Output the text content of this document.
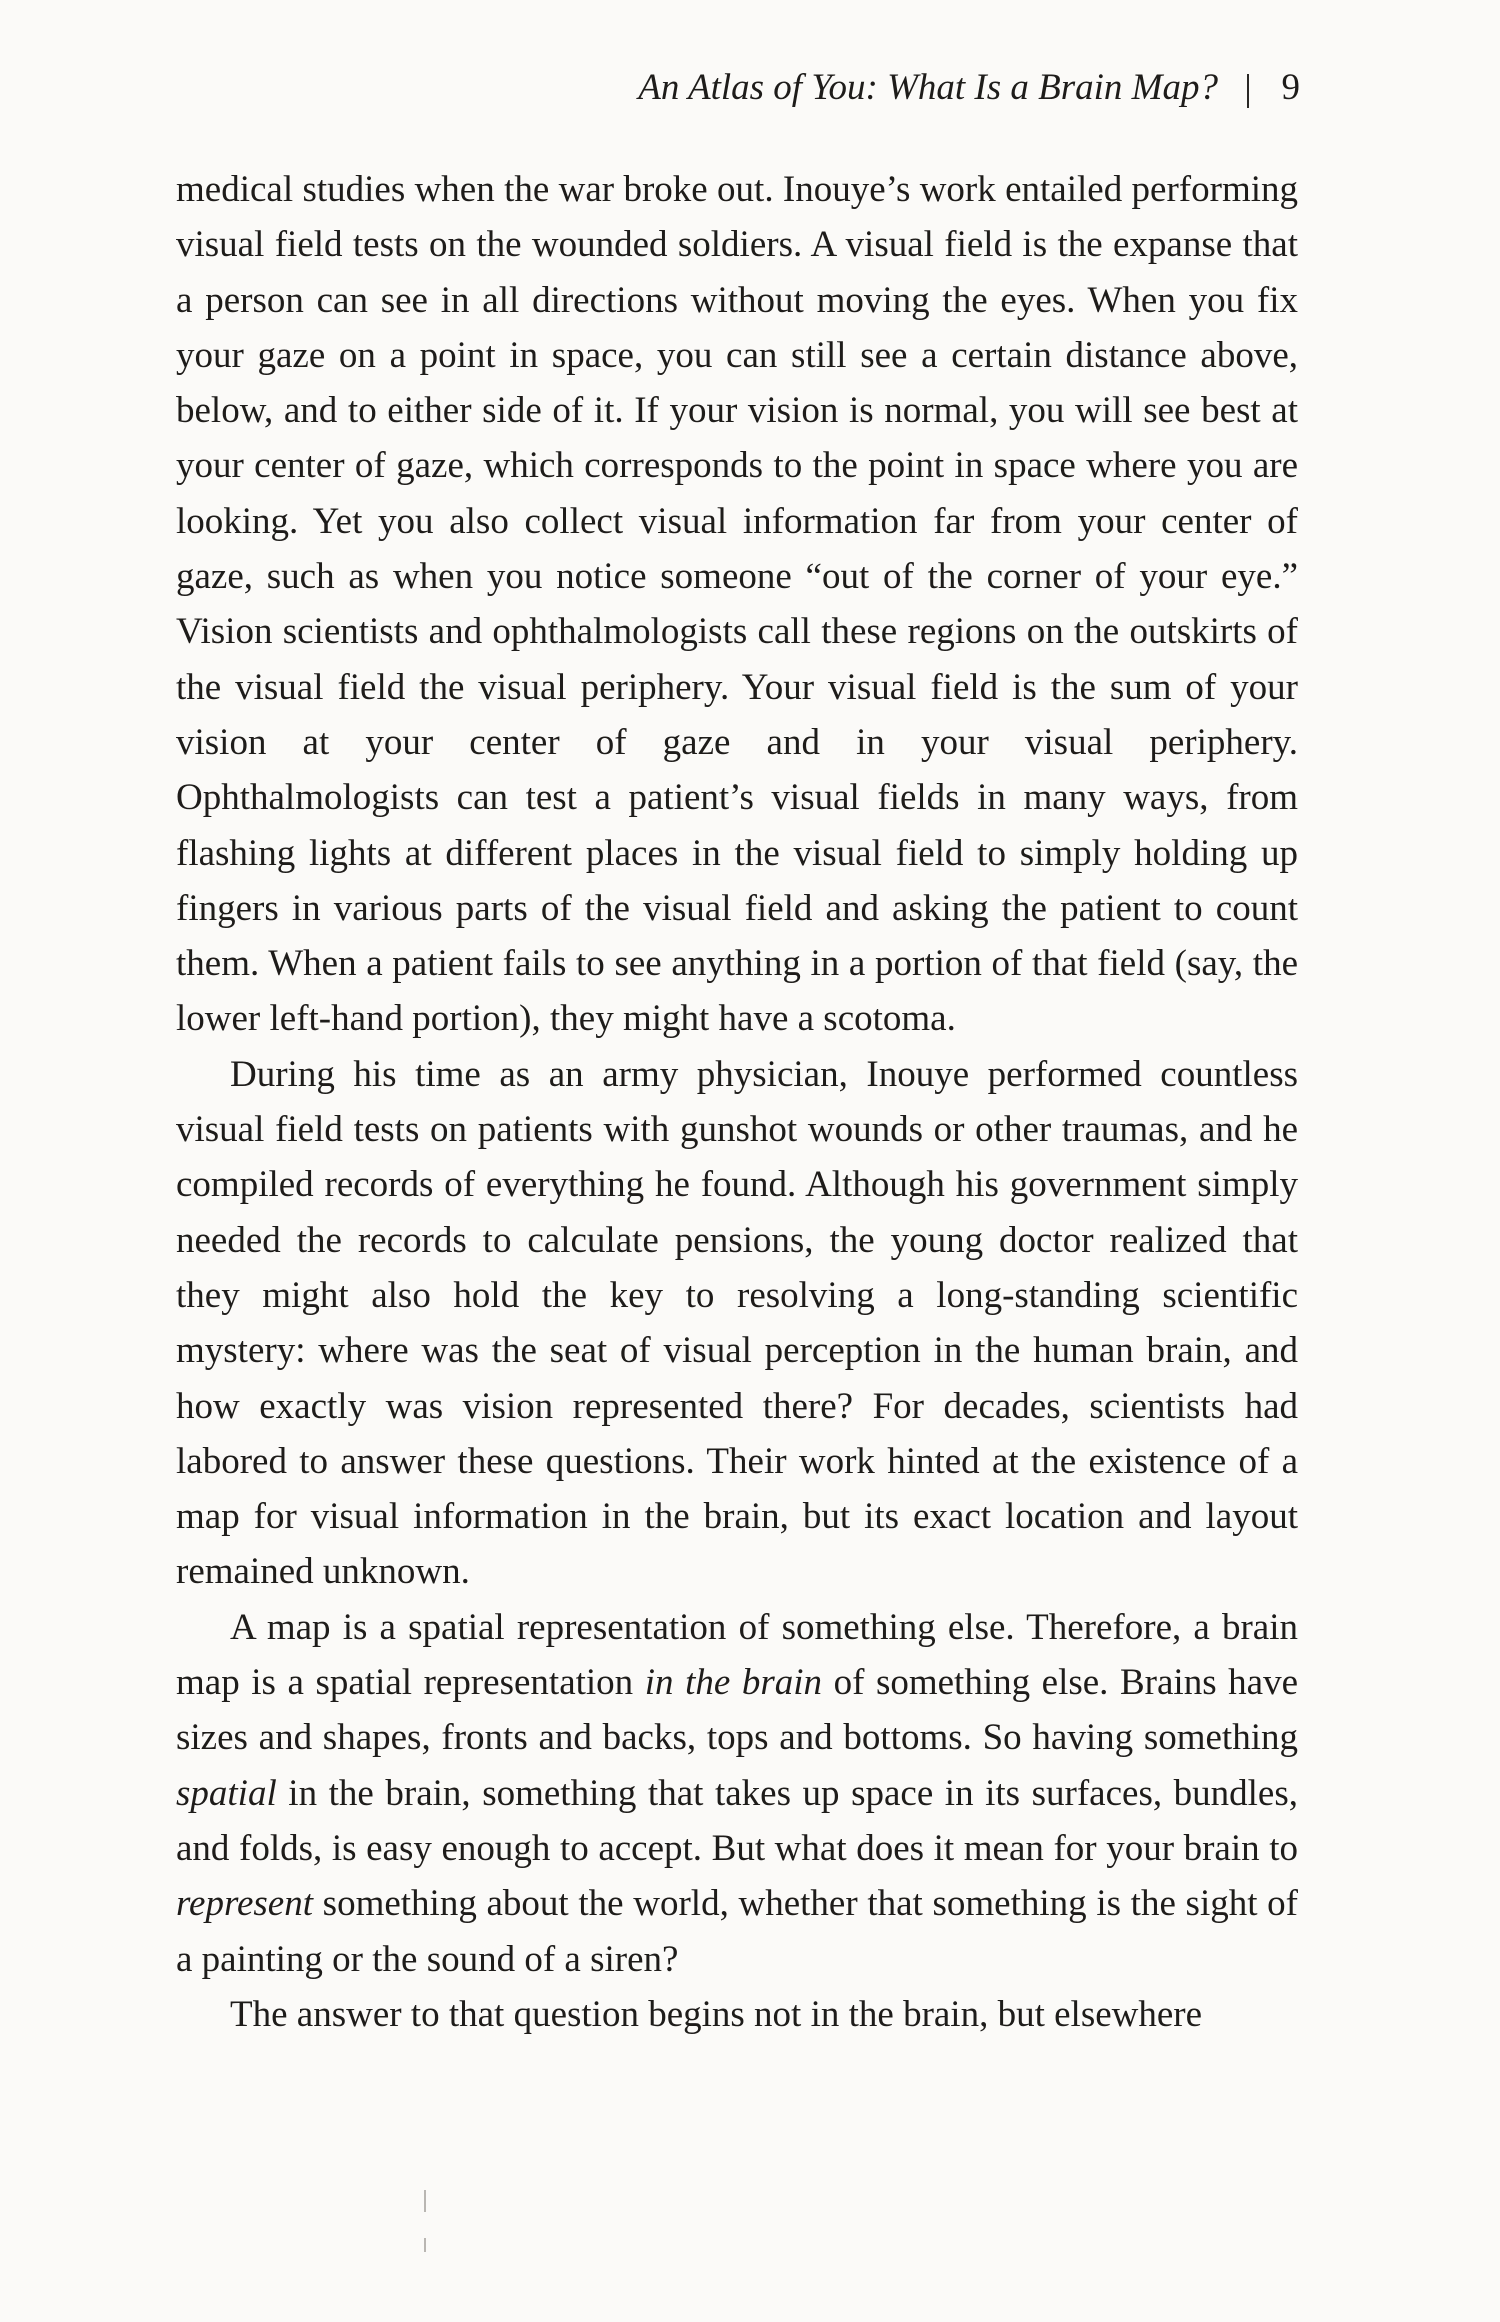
An Atlas of You: What Is a Brain Map? 9

medical studies when the war broke out. Inouye’s work entailed performing visual field tests on the wounded soldiers. A visual field is the expanse that a person can see in all directions without moving the eyes. When you fix your gaze on a point in space, you can still see a certain distance above, below, and to either side of it. If your vision is normal, you will see best at your center of gaze, which corresponds to the point in space where you are looking. Yet you also collect visual information far from your center of gaze, such as when you notice someone “out of the corner of your eye.” Vision scientists and ophthalmologists call these regions on the outskirts of the visual field the visual periphery. Your visual field is the sum of your vision at your center of gaze and in your visual periphery. Ophthalmologists can test a patient’s visual fields in many ways, from flashing lights at different places in the visual field to simply holding up fingers in various parts of the visual field and asking the patient to count them. When a patient fails to see anything in a portion of that field (say, the lower left-hand portion), they might have a scotoma.

During his time as an army physician, Inouye performed countless visual field tests on patients with gunshot wounds or other traumas, and he compiled records of everything he found. Although his government simply needed the records to calculate pensions, the young doctor realized that they might also hold the key to resolving a long-standing scientific mystery: where was the seat of visual perception in the human brain, and how exactly was vision represented there? For decades, scientists had labored to answer these questions. Their work hinted at the existence of a map for visual information in the brain, but its exact location and layout remained unknown.

A map is a spatial representation of something else. Therefore, a brain map is a spatial representation in the brain of something else. Brains have sizes and shapes, fronts and backs, tops and bottoms. So having something spatial in the brain, something that takes up space in its surfaces, bundles, and folds, is easy enough to accept. But what does it mean for your brain to represent something about the world, whether that something is the sight of a painting or the sound of a siren?

The answer to that question begins not in the brain, but elsewhere
